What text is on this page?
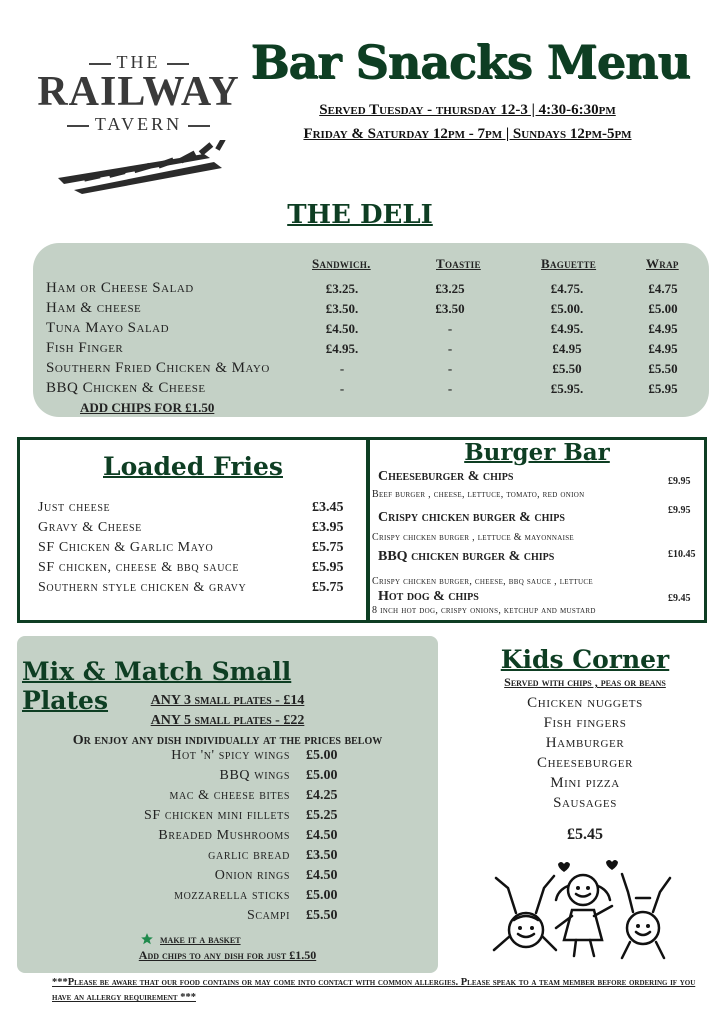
THE
RAILWAY
TAVERN
Bar Snacks Menu
Served Tuesday - thursday 12-3 | 4:30-6:30pm
Friday & Saturday 12pm - 7pm | Sundays 12pm-5pm
THE DELI
Sandwich.	Toastie	Baguette	Wrap
Ham or Cheese Salad	£3.25.	£3.25	£4.75.	£4.75
Ham & cheese	£3.50.	£3.50	£5.00.	£5.00
Tuna Mayo Salad	£4.50.	-	£4.95.	£4.95
Fish Finger	£4.95.	-	£4.95	£4.95
Southern Fried Chicken & Mayo	-	-	£5.50	£5.50
BBQ Chicken & Cheese	-	-	£5.95.	£5.95
ADD CHIPS FOR £1.50
Loaded Fries
Just cheese	£3.45
Gravy & Cheese	£3.95
SF Chicken & Garlic Mayo	£5.75
SF chicken, cheese & bbq sauce	£5.95
Southern style chicken & gravy	£5.75
Burger Bar
Cheeseburger & chips
Beef burger , cheese, lettuce, tomato, red onion
£9.95
Crispy chicken burger & chips
Crispy chicken burger , lettuce & mayonnaise
£9.95
BBQ chicken burger & chips
Crispy chicken burger, cheese, bbq sauce , lettuce
£10.45
Hot dog & chips
8 inch hot dog, crispy onions, ketchup and mustard
£9.45
Mix & Match Small Plates	ANY 3 small plates - £14
ANY 5 small plates - £22
Or enjoy any dish individually at the prices below
Hot 'n' spicy wings £5.00
BBQ wings £5.00
mac & cheese bites £4.25
SF chicken mini fillets £5.25
Breaded Mushrooms £4.50
garlic bread £3.50
Onion rings £4.50
mozzarella sticks £5.00
Scampi £5.50
make it a basket
Add chips to any dish for just £1.50
Kids Corner
Served with chips , peas or beans
Chicken nuggets
Fish fingers
Hamburger
Cheeseburger
Mini pizza
Sausages
£5.45
***Please be aware that our food contains or may come into contact with common allergies. Please speak to a team member before ordering if you have an allergy requirement ***
